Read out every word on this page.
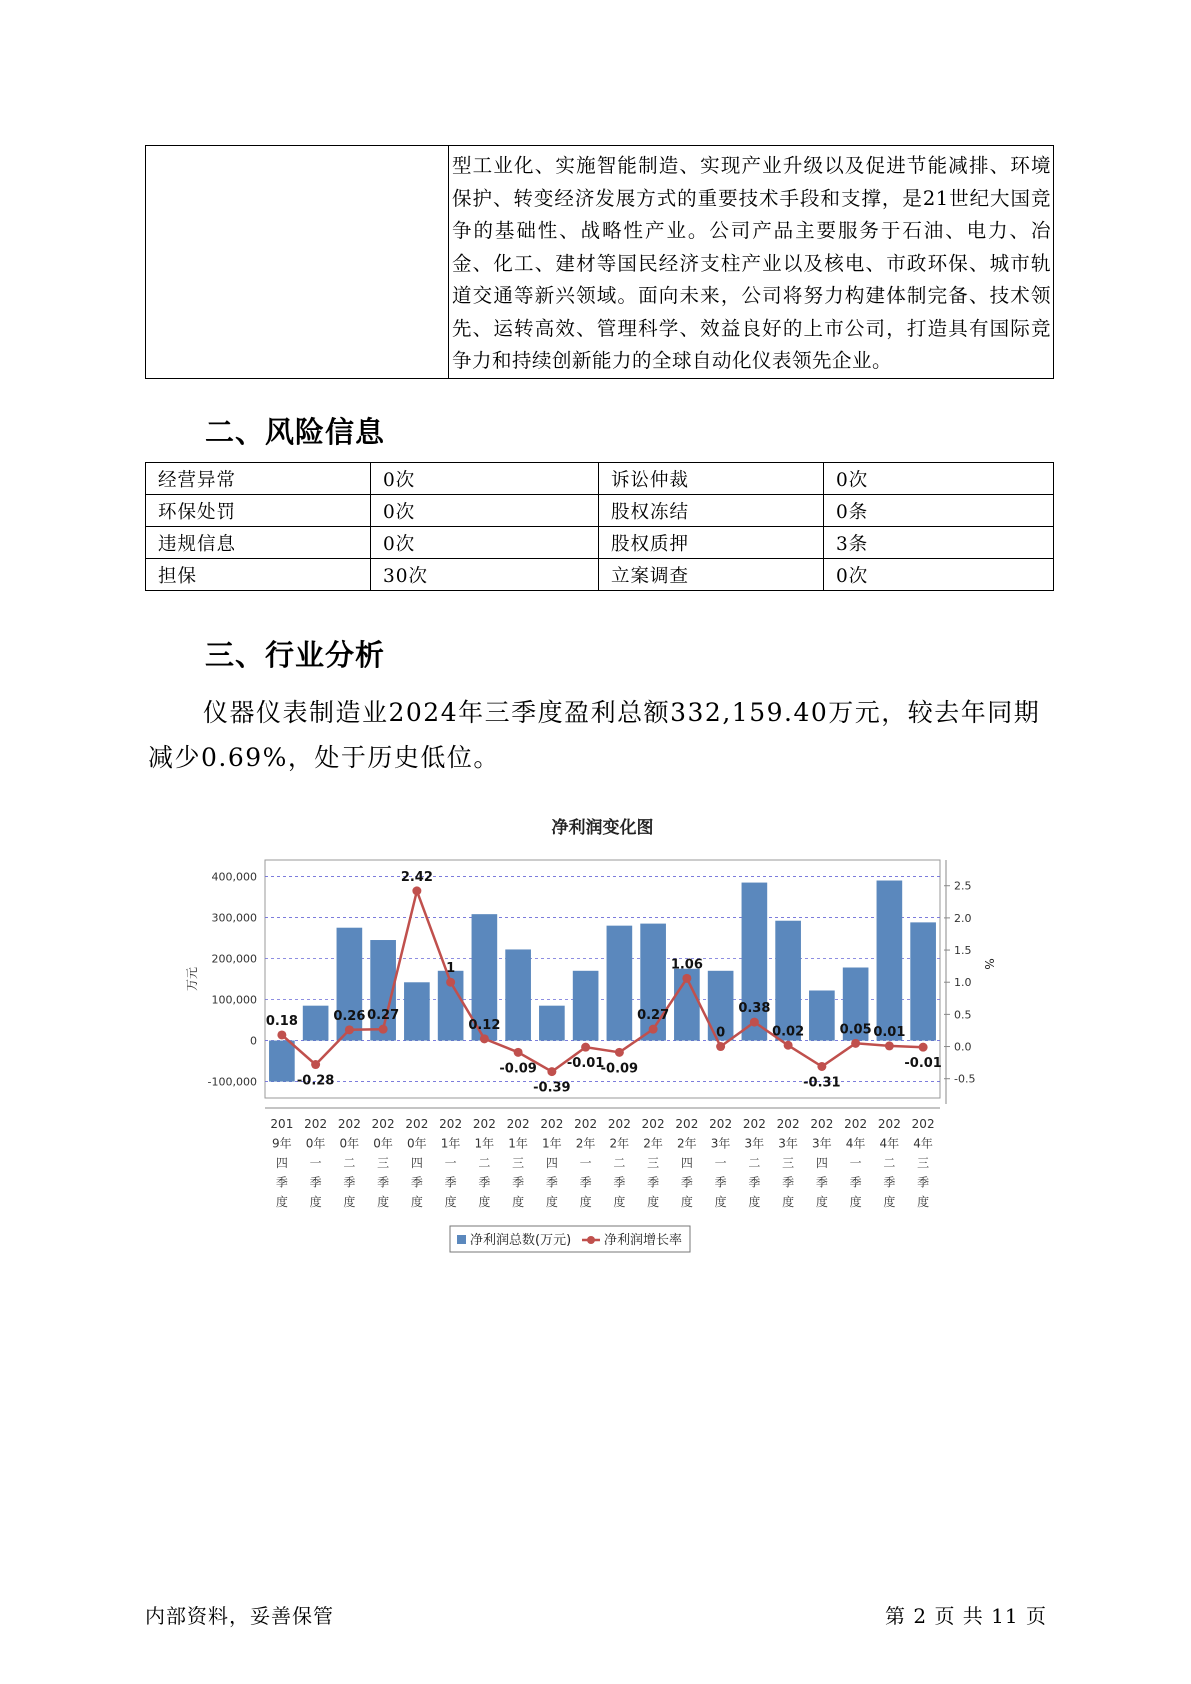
型工业化、实施智能制造、实现产业升级以及促进节能减排、环境保护、转变经济发展方式的重要技术手段和支撑，是21世纪大国竞争的基础性、战略性产业。公司产品主要服务于石油、电力、冶金、化工、建材等国民经济支柱产业以及核电、市政环保、城市轨道交通等新兴领域。面向未来，公司将努力构建体制完备、技术领先、运转高效、管理科学、效益良好的上市公司，打造具有国际竞争力和持续创新能力的全球自动化仪表领先企业。
二、风险信息
经营异常	0次	诉讼仲裁	0次
环保处罚	0次	股权冻结	0条
违规信息	0次	股权质押	3条
担保	30次	立案调查	0次
三、行业分析
仪器仪表制造业2024年三季度盈利总额332,159.40万元，较去年同期减少0.69%，处于历史低位。
净利润变化图
400,000
300,000
200,000
100,000
0
-100,000
2.5
2.0
1.5
1.0
0.5
0.0
-0.5
万元
%
0.18
-0.28
0.26 0.27
2.42
1
0.12
-0.09
-0.39
-0.01
-0.09
0.27
1.06
0
0.38
0.02
-0.31
0.05 0.01
-0.01
201
9年
四
季
度
202
0年
一
季
度
202
0年
二
季
度
202
0年
三
季
度
202
0年
四
季
度
202
1年
一
季
度
202
1年
二
季
度
202
1年
三
季
度
202
1年
四
季
度
202
2年
一
季
度
202
2年
二
季
度
202
2年
三
季
度
202
2年
四
季
度
202
3年
一
季
度
202
3年
二
季
度
202
3年
三
季
度
202
3年
四
季
度
202
4年
一
季
度
202
4年
二
季
度
202
4年
三
季
度
净利润总数(万元)	净利润增长率
内部资料，妥善保管	第 2 页 共 11 页
